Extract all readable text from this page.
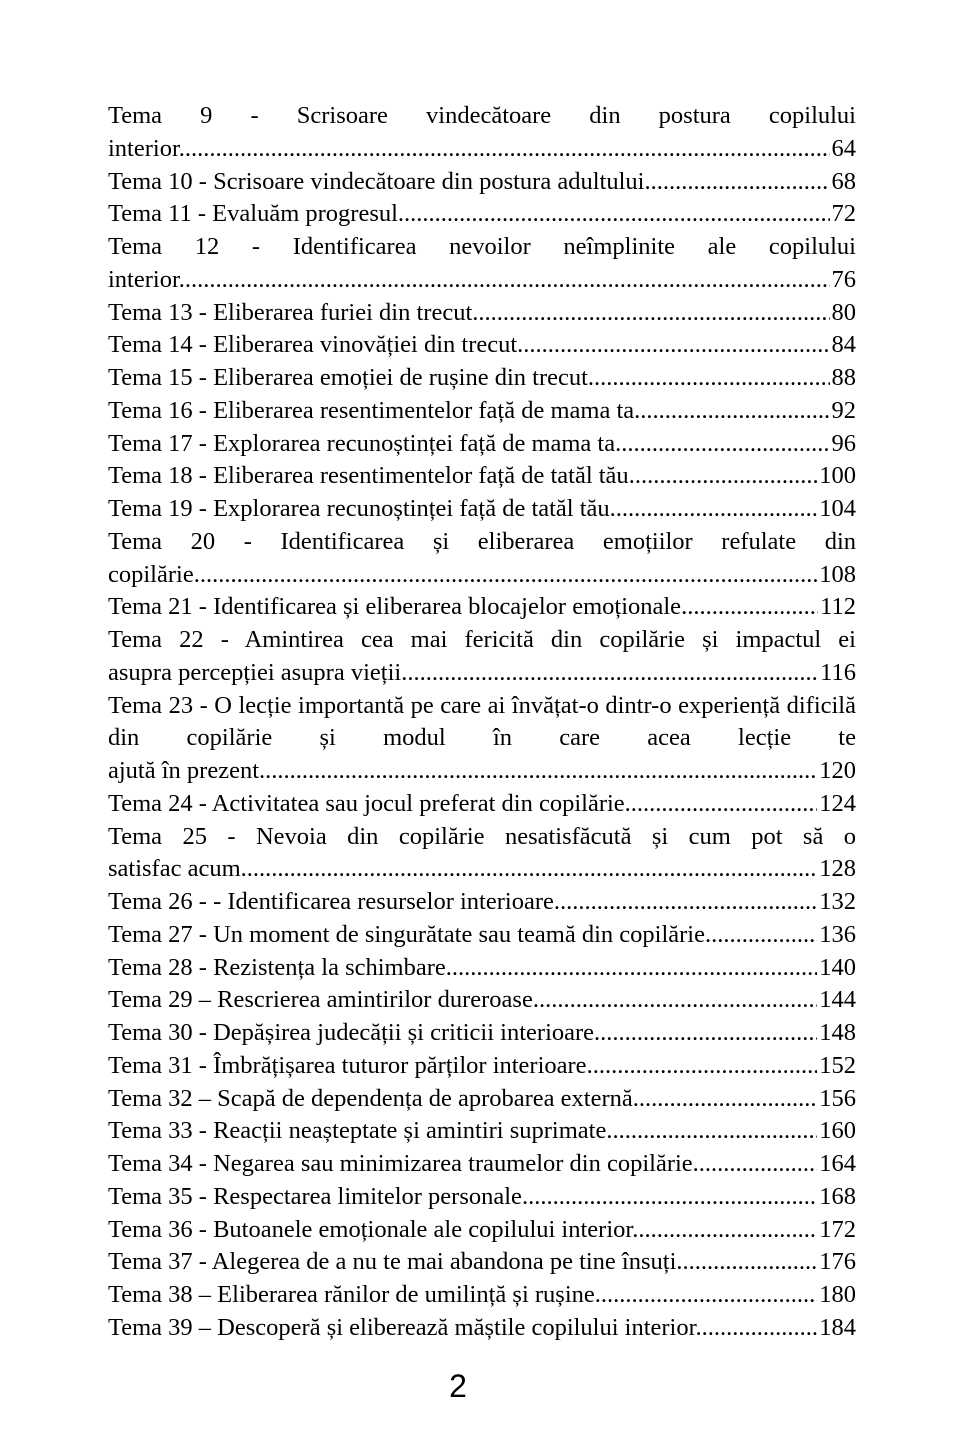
Tema 9 - Scrisoare vindecătoare din postura copilului

interior .....	64
Tema 10 - Scrisoare vindecătoare din postura adultului .....	68
Tema 11 - Evaluăm progresul .....	72

Tema 12 - Identificarea nevoilor neîmplinite ale copilului

interior .....	76
Tema 13 - Eliberarea furiei din trecut .....	80
Tema 14 - Eliberarea vinovăției din trecut .....	84
Tema 15 - Eliberarea emoției de rușine din trecut .....	88
Tema 16 - Eliberarea resentimentelor față de mama ta .....	92
Tema 17 - Explorarea recunoștinței față de mama ta .....	96
Tema 18 - Eliberarea resentimentelor față de tatăl tău .....	100
Tema 19 - Explorarea recunoștinței față de tatăl tău .....	104

Tema 20 - Identificarea și eliberarea emoțiilor refulate din

copilărie .....	108
Tema 21 - Identificarea și eliberarea blocajelor emoționale .....	112

Tema 22 - Amintirea cea mai fericită din copilărie și impactul ei

asupra percepției asupra vieții .....	116

Tema 23 - O lecție importantă pe care ai învățat-o dintr-o experiență dificilă din copilărie și modul în care acea lecție te

ajută în prezent .....	120
Tema 24 - Activitatea sau jocul preferat din copilărie .....	124

Tema 25 - Nevoia din copilărie nesatisfăcută și cum pot să o

satisfac acum .....	128
Tema 26 - - Identificarea resurselor interioare .....	132
Tema 27 - Un moment de singurătate sau teamă din copilărie .....	136
Tema 28 - Rezistența la schimbare .....	140
Tema 29 – Rescrierea amintirilor dureroase .....	144
Tema 30 - Depășirea judecății și criticii interioare .....	148
Tema 31 - Îmbrățișarea tuturor părților interioare .....	152
Tema 32 – Scapă de dependența de aprobarea externă .....	156
Tema 33 - Reacții neașteptate și amintiri suprimate .....	160
Tema 34 - Negarea sau minimizarea traumelor din copilărie .....	164
Tema 35 - Respectarea limitelor personale .....	168
Tema 36 - Butoanele emoționale ale copilului interior .....	172
Tema 37 - Alegerea de a nu te mai abandona pe tine însuți .....	176
Tema 38 – Eliberarea rănilor de umilință și rușine .....	180
Tema 39 – Descoperă și eliberează măștile copilului interior .....	184
2
